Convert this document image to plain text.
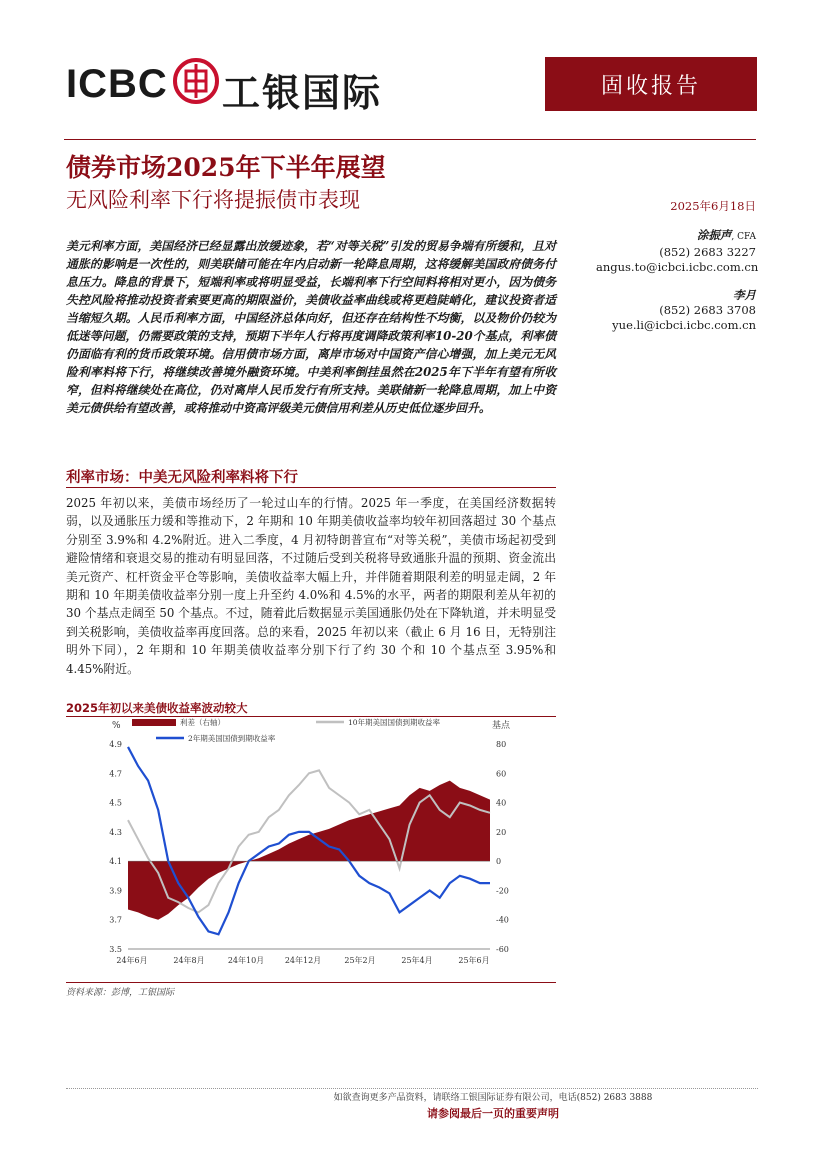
ICBC 工银国际	固收报告
债券市场2025年下半年展望
无风险利率下行将提振债市表现	2025年6月18日
涂振声, CFA
(852) 2683 3227
angus.to@icbci.icbc.com.cn
李月
(852) 2683 3708
yue.li@icbci.icbc.com.cn
美元利率方面，美国经济已经显露出放缓迹象，若“对等关税”引发的贸易争端有所缓和，且对通胀的影响是一次性的，则美联储可能在年内启动新一轮降息周期，这将缓解美国政府债务付息压力。降息的背景下，短端利率或将明显受益，长端利率下行空间料将相对更小，因为债务失控风险将推动投资者索要更高的期限溢价，美债收益率曲线或将更趋陡峭化，建议投资者适当缩短久期。人民币利率方面，中国经济总体向好，但还存在结构性不均衡，以及物价仍较为低迷等问题，仍需要政策的支持，预期下半年人行将再度调降政策利率10-20个基点，利率债仍面临有利的货币政策环境。信用债市场方面，离岸市场对中国资产信心增强，加上美元无风险利率料将下行，将继续改善境外融资环境。中美利率倒挂虽然在2025年下半年有望有所收窄，但料将继续处在高位，仍对离岸人民币发行有所支持。美联储新一轮降息周期，加上中资美元债供给有望改善，或将推动中资高评级美元债信用利差从历史低位逐步回升。
利率市场：中美无风险利率料将下行
2025 年初以来，美债市场经历了一轮过山车的行情。2025 年一季度，在美国经济数据转弱，以及通胀压力缓和等推动下，2 年期和 10 年期美债收益率均较年初回落超过 30 个基点分别至 3.9%和 4.2%附近。进入二季度，4 月初特朗普宣布“对等关税”，美债市场起初受到避险情绪和衰退交易的推动有明显回落，不过随后受到关税将导致通胀升温的预期、资金流出美元资产、杠杆资金平仓等影响，美债收益率大幅上升，并伴随着期限利差的明显走阔，2 年期和 10 年期美债收益率分别一度上升至约 4.0%和 4.5%的水平，两者的期限利差从年初的 30 个基点走阔至 50 个基点。不过，随着此后数据显示美国通胀仍处在下降轨道，并未明显受到关税影响，美债收益率再度回落。总的来看，2025 年初以来（截止 6 月 16 日，无特别注明外下同），2 年期和 10 年期美债收益率分别下行了约 30 个和 10 个基点至 3.95%和 4.45%附近。
2025年初以来美债收益率波动较大
3.5
3.7
3.9
4.1
4.3
4.5
4.7
4.9
-60
-40
-20
0
20
40
60
80
%	基点
24年6月	24年8月	24年10月	24年12月	25年2月	25年4月	25年6月
利差（右轴）	10年期美国国债到期收益率
2年期美国国债到期收益率
资料来源：彭博，工银国际
如欲查询更多产品资料，请联络工银国际证券有限公司，电话(852) 2683 3888
请参阅最后一页的重要声明
